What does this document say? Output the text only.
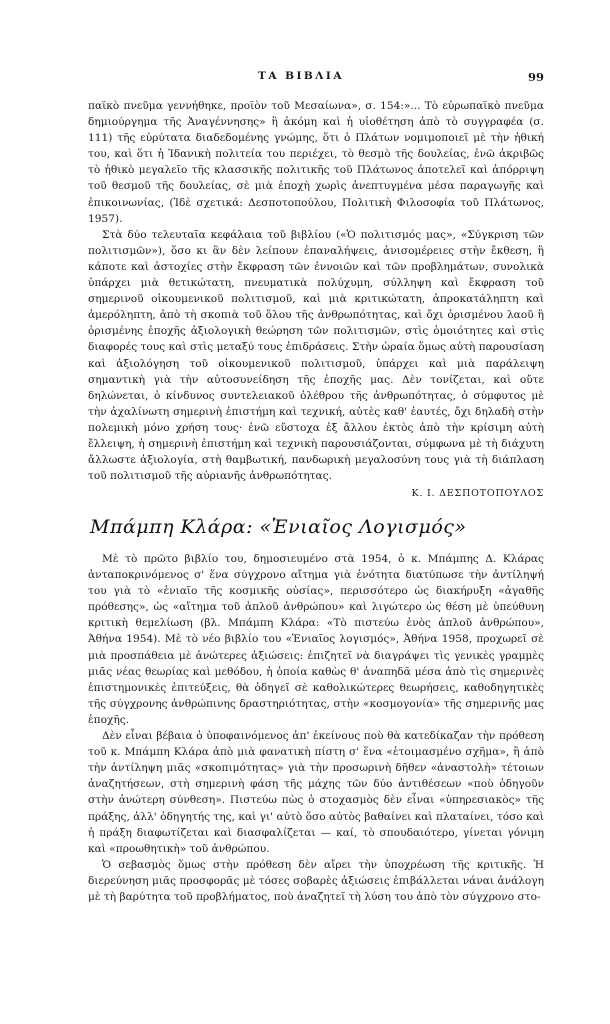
ΤΑ ΒΙΒΛΙΑ	99

παϊκὸ πνεῦμα γεννήθηκε, προϊὸν τοῦ Μεσαίωνα», σ. 154:»... Τὸ εὐρωπαϊκὸ πνεῦμα δημιούργημα τῆς Ἀναγέννησης» ἢ ἀκόμη καὶ ἡ υἱοθέτηση ἀπὸ τὸ συγγραφέα (σ. 111) τῆς εὐρύτατα διαδεδομένης γνώμης, ὅτι ὁ Πλάτων νομιμοποιεῖ μὲ τὴν ἠθική του, καὶ ὅτι ἡ Ἰδανικὴ πολιτεία του περιέχει, τὸ θεσμὸ τῆς δουλείας, ἐνῶ ἀκριβῶς τὸ ἠθικὸ μεγαλεῖο τῆς κλασσικῆς πολιτικῆς τοῦ Πλάτωνος ἀποτελεῖ καὶ ἀπόρριψη τοῦ θεσμοῦ τῆς δουλείας, σὲ μιὰ ἐποχὴ χωρὶς ἀνεπτυγμένα μέσα παραγωγῆς καὶ ἐπικοινωνίας, (Ἰδὲ σχετικά: Δεσποτοπούλου, Πολιτικὴ Φιλοσοφία τοῦ Πλάτωνος, 1957).

Στὰ δύο τελευταῖα κεφάλαια τοῦ βιβλίου («Ὁ πολιτισμός μας», «Σύγκριση τῶν πολιτισμῶν»), ὅσο κι ἂν δὲν λείπουν ἐπαναλήψεις, ἀνισομέρειες στὴν ἔκθεση, ἢ κάποτε καὶ ἀστοχίες στὴν ἔκφραση τῶν ἐννοιῶν καὶ τῶν προβλημάτων, συνολικὰ ὑπάρχει μιὰ θετικώτατη, πνευματικὰ πολύχυμη, σύλληψη καὶ ἔκφραση τοῦ σημερινοῦ οἰκουμενικοῦ πολιτισμοῦ, καὶ μιὰ κριτικώτατη, ἀπροκατάληπτη καὶ ἀμερόληπτη, ἀπὸ τὴ σκοπιὰ τοῦ ὅλου τῆς ἀνθρωπότητας, καὶ ὄχι ὁρισμένου λαοῦ ἢ ὁρισμένης ἐποχῆς ἀξιολογικὴ θεώρηση τῶν πολιτισμῶν, στὶς ὁμοιότητες καὶ στὶς διαφορές τους καὶ στὶς μεταξύ τους ἐπιδράσεις. Στὴν ὡραία ὅμως αὐτὴ παρουσίαση καὶ ἀξιολόγηση τοῦ οἰκουμενικοῦ πολιτισμοῦ, ὑπάρχει καὶ μιὰ παράλειψη σημαντικὴ γιὰ τὴν αὐτοσυνείδηση τῆς ἐποχῆς μας. Δὲν τονίζεται, καὶ οὔτε δηλώνεται, ὁ κίνδυνος συντελειακοῦ ὀλέθρου τῆς ἀνθρωπότητας, ὁ σύμφυτος μὲ τὴν ἀχαλίνωτη σημερινὴ ἐπιστήμη καὶ τεχνική, αὐτὲς καθ' ἑαυτές, ὄχι δηλαδὴ στὴν πολεμικὴ μόνο χρήση τους· ἐνῶ εὔστοχα ἐξ ἄλλου ἐκτὸς ἀπὸ τὴν κρίσιμη αὐτὴ ἔλλειψη, ἡ σημερινὴ ἐπιστήμη καὶ τεχνικὴ παρουσιάζονται, σύμφωνα μὲ τὴ διάχυτη ἄλλωστε ἀξιολογία, στὴ θαμβωτική, πανδωρικὴ μεγαλοσύνη τους γιὰ τὴ διάπλαση τοῦ πολιτισμοῦ τῆς αὐριανῆς ἀνθρωπότητας.

Κ. Ι. ΔΕΣΠΟΤΟΠΟΥΛΟΣ
Μπάμπη Κλάρα: «Ἑνιαῖος Λογισμός»

Μὲ τὸ πρῶτο βιβλίο του, δημοσιευμένο στὰ 1954, ὁ κ. Μπάμπης Δ. Κλάρας ἀνταποκρινόμενος σ' ἕνα σύγχρονο αἴτημα γιὰ ἑνότητα διατύπωσε τὴν ἀντίληψή του γιὰ τὸ «ἑνιαῖο τῆς κοσμικῆς οὐσίας», περισσότερο ὡς διακήρυξη «ἀγαθῆς πρόθεσης», ὡς «αἴτημα τοῦ ἁπλοῦ ἀνθρώπου» καὶ λιγώτερο ὡς θέση μὲ ὑπεύθυνη κριτικὴ θεμελίωση (βλ. Μπάμπη Κλάρα: «Τὸ πιστεύω ἑνὸς ἁπλοῦ ἀνθρώπου», Ἀθήνα 1954). Μὲ τὸ νέο βιβλίο του «Ἑνιαῖος λογισμός», Ἀθήνα 1958, προχωρεῖ σὲ μιὰ προσπάθεια μὲ ἀνώτερες ἀξιώσεις: ἐπιζητεῖ νὰ διαγράψει τὶς γενικὲς γραμμὲς μιᾶς νέας θεωρίας καὶ μεθόδου, ἡ ὁποία καθὼς θ' ἀναπηδᾶ μέσα ἀπὸ τὶς σημερινὲς ἐπιστημονικὲς ἐπιτεύξεις, θὰ ὁδηγεῖ σὲ καθολικώτερες θεωρήσεις, καθοδηγητικὲς τῆς σύγχρονης ἀνθρώπινης δραστηριότητας, στὴν «κοσμογονία» τῆς σημερινῆς μας ἐποχῆς.

Δὲν εἶναι βέβαια ὁ ὑποφαινόμενος ἀπ' ἐκείνους ποὺ θὰ κατεδίκαζαν τὴν πρόθεση τοῦ κ. Μπάμπη Κλάρα ἀπὸ μιὰ φανατικὴ πίστη σ' ἕνα «ἑτοιμασμένο σχῆμα», ἢ ἀπὸ τὴν ἀντίληψη μιᾶς «σκοπιμότητας» γιὰ τὴν προσωρινὴ δῆθεν «ἀναστολὴ» τέτοιων ἀναζητήσεων, στὴ σημερινὴ φάση τῆς μάχης τῶν δύο ἀντιθέσεων «ποὺ ὁδηγοῦν στὴν ἀνώτερη σύνθεση». Πιστεύω πὼς ὁ στοχασμὸς δὲν εἶναι «ὑπηρεσιακὸς» τῆς πράξης, ἀλλ' ὁδηγητής της, καὶ γι' αὐτὸ ὅσο αὐτὸς βαθαίνει καὶ πλαταίνει, τόσο καὶ ἡ πράξη διαφωτίζεται καὶ διασφαλίζεται — καί, τὸ σπουδαιότερο, γίνεται γόνιμη καὶ «προωθητικὴ» τοῦ ἀνθρώπου.

Ὁ σεβασμὸς ὅμως στὴν πρόθεση δὲν αἴρει τὴν ὑποχρέωση τῆς κριτικῆς. Ἡ διερεύνηση μιᾶς προσφορᾶς μὲ τόσες σοβαρὲς ἀξιώσεις ἐπιβάλλεται νάναι ἀνάλογη μὲ τὴ βαρύτητα τοῦ προβλήματος, ποὺ ἀναζητεῖ τὴ λύση του ἀπὸ τὸν σύγχρονο στο-
